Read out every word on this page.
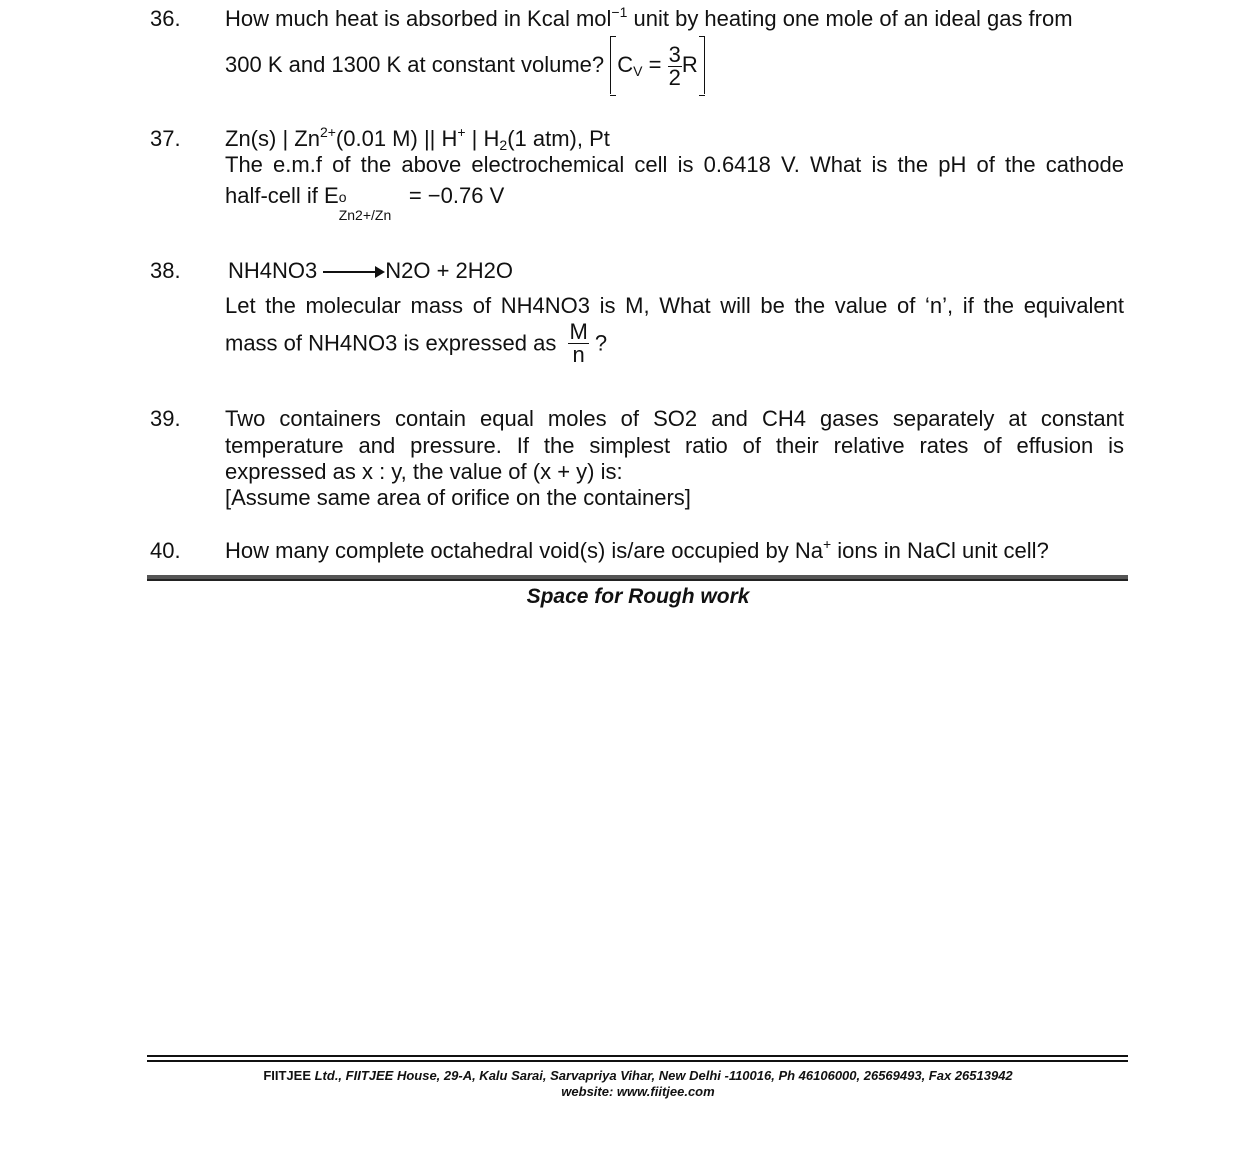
36. How much heat is absorbed in Kcal mol$^{-1}$ unit by heating one mole of an ideal gas from
300 K and 1300 K at constant volume? $C_V = \frac{3}{2}$ R
37. Zn(s) | $Zn^{2+}(0.01$ M) || H+ | $H_2(1$ atm), Pt
The e.m.f of the above electrochemical cell is 0.6418 V. What is the pH of the cathode
half-cell if E o
Zn2+/Zn
= −0.76 V
38. NH4NO3 → N2O + 2H2O
Let the molecular mass of NH4NO3 is M, What will be the value of ‘n’, if the equivalent
mass of NH4NO3 is expressed as $\frac{M}{n}$ ?
39. Two containers contain equal moles of SO2 and CH4 gases separately at constant
temperature and pressure. If the simplest ratio of their relative rates of effusion is
expressed as x : y, the value of (x + y) is:
[Assume same area of orifice on the containers]
40. How many complete octahedral void(s) is/are occupied by Na+ ions in NaCl unit cell?
Space for Rough work
FIITJEE Ltd., FIITJEE House, 29-A, Kalu Sarai, Sarvapriya Vihar, New Delhi -110016, Ph 46106000, 26569493, Fax 26513942
website: www.fiitjee.com
